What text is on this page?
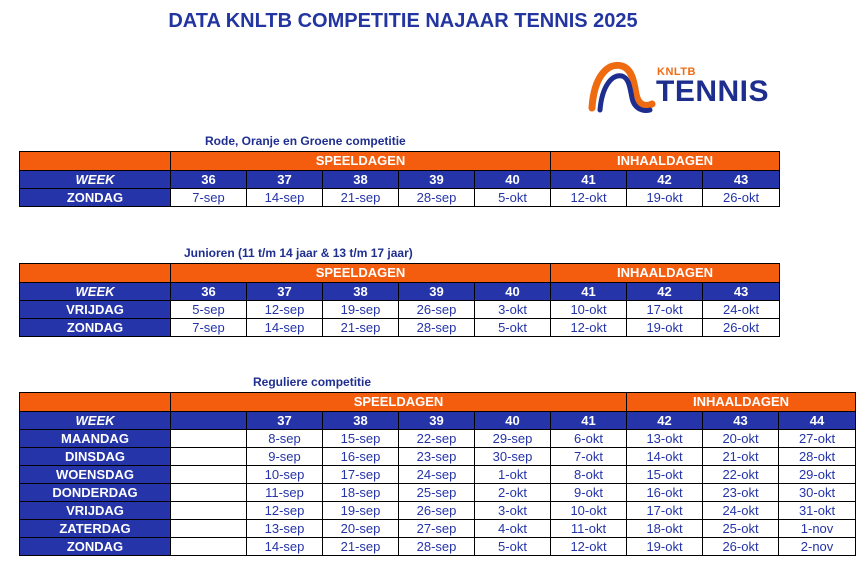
DATA KNLTB COMPETITIE NAJAAR TENNIS 2025
KNLTB
TENNIS
Rode, Oranje en Groene competitie
	SPEELDAGEN					INHAALDAGEN		
WEEK	36	37	38	39	40	41	42	43
ZONDAG	7-sep	14-sep	21-sep	28-sep	5-okt	12-okt	19-okt	26-okt
Junioren (11 t/m 14 jaar & 13 t/m 17 jaar)
	SPEELDAGEN					INHAALDAGEN		
WEEK	36	37	38	39	40	41	42	43
VRIJDAG	5-sep	12-sep	19-sep	26-sep	3-okt	10-okt	17-okt	24-okt
ZONDAG	7-sep	14-sep	21-sep	28-sep	5-okt	12-okt	19-okt	26-okt
Reguliere competitie
	SPEELDAGEN						INHAALDAGEN		
WEEK		37	38	39	40	41	42	43	44
MAANDAG		8-sep	15-sep	22-sep	29-sep	6-okt	13-okt	20-okt	27-okt
DINSDAG		9-sep	16-sep	23-sep	30-sep	7-okt	14-okt	21-okt	28-okt
WOENSDAG		10-sep	17-sep	24-sep	1-okt	8-okt	15-okt	22-okt	29-okt
DONDERDAG		11-sep	18-sep	25-sep	2-okt	9-okt	16-okt	23-okt	30-okt
VRIJDAG		12-sep	19-sep	26-sep	3-okt	10-okt	17-okt	24-okt	31-okt
ZATERDAG		13-sep	20-sep	27-sep	4-okt	11-okt	18-okt	25-okt	1-nov
ZONDAG		14-sep	21-sep	28-sep	5-okt	12-okt	19-okt	26-okt	2-nov
